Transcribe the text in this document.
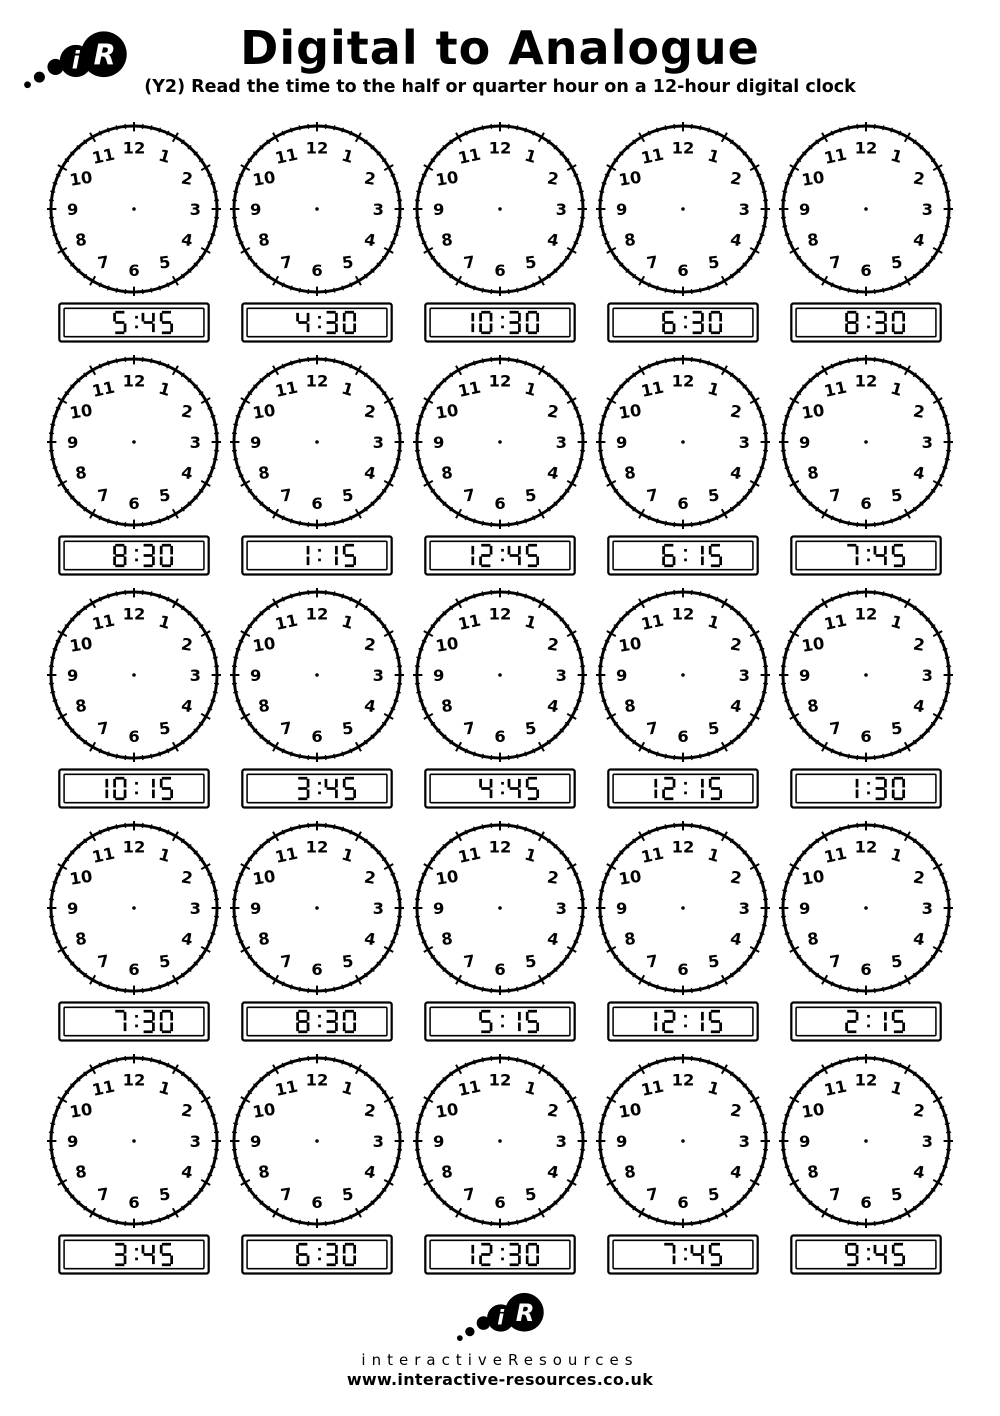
i R	Digital to Analogue
(Y2) Read the time to the half or quarter hour on a 12-hour digital clock
1
2
3
4
5
6
7
8
9
10
11 12	1
2
3
4
5
6
7
8
9
10
11 12	1
2
3
4
5
6
7
8
9
10
11 12	1
2
3
4
5
6
7
8
9
10
11 12	1
2
3
4
5
6
7
8
9
10
11 12
1
2
3
4
5
6
7
8
9
10
11 12	1
2
3
4
5
6
7
8
9
10
11 12	1
2
3
4
5
6
7
8
9
10
11 12	1
2
3
4
5
6
7
8
9
10
11 12	1
2
3
4
5
6
7
8
9
10
11 12
1
2
3
4
5
6
7
8
9
10
11 12	1
2
3
4
5
6
7
8
9
10
11 12	1
2
3
4
5
6
7
8
9
10
11 12	1
2
3
4
5
6
7
8
9
10
11 12	1
2
3
4
5
6
7
8
9
10
11 12
1
2
3
4
5
6
7
8
9
10
11 12	1
2
3
4
5
6
7
8
9
10
11 12	1
2
3
4
5
6
7
8
9
10
11 12	1
2
3
4
5
6
7
8
9
10
11 12	1
2
3
4
5
6
7
8
9
10
11 12
1
2
3
4
5
6
7
8
9
10
11 12	1
2
3
4
5
6
7
8
9
10
11 12	1
2
3
4
5
6
7
8
9
10
11 12	1
2
3
4
5
6
7
8
9
10
11 12	1
2
3
4
5
6
7
8
9
10
11 12
i R
interactiveResources
www.interactive-resources.co.uk
